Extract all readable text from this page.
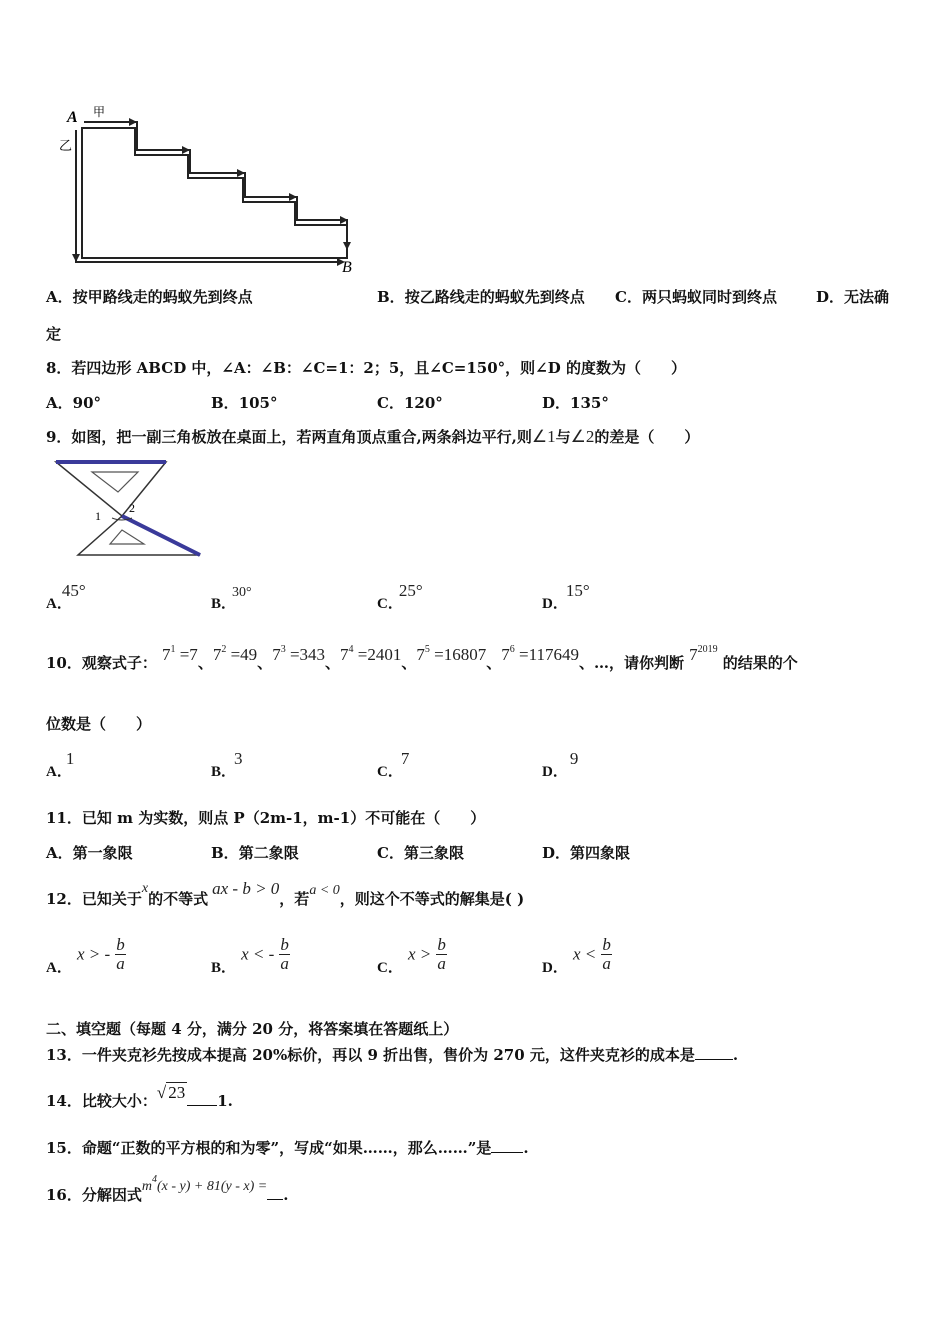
A 甲
乙
B
A．按甲路线走的蚂蚁先到终点	B．按乙路线走的蚂蚁先到终点 C．两只蚂蚁同时到终点	D．无法确
定
8．若四边形 ABCD 中，∠A：∠B：∠C=1：2；5，且∠C=150°，则∠D 的度数为（　　）
A．90°	B．105°	C．120°	D．135°
9．如图，把一副三角板放在桌面上，若两直角顶点重合,两条斜边平行,则∠1与∠2的差是（　　）
1
2
A．45°
B．30°
C．25°
D．15°
10．观察式子： $7^1 =7$、$7^2 =49$、$7^3 =343$、$7^4 =2401$、$7^5 =16807$、$7^6 =117649$、…，请你判断 $7^{2019}$ 的结果的个
位数是（　　）
A．1
B．3
C．7
D．9
11．已知 m 为实数，则点 P（2m-1，m-1）不可能在（　　）
A．第一象限	B．第二象限	C．第三象限	D．第四象限
12．已知关于x的不等式ax - b > 0，若a < 0，则这个不等式的解集是( )
A． x > - $\frac{b}{a}$	B． x < - $\frac{b}{a}$	C． $x > \frac{b}{a}$	D． $x < \frac{b}{a}$
二、填空题（每题 4 分，满分 20 分，将答案填在答题纸上）
13．一件夹克衫先按成本提高 20%标价，再以 9 折出售，售价为 270 元，这件夹克衫的成本是	.
14．比较大小：√ 23 1.
15．命题“正数的平方根的和为零”，写成“如果……，那么……”是 .
16．分解因式$m^4(x - y) + 81(y - x)$ = .
